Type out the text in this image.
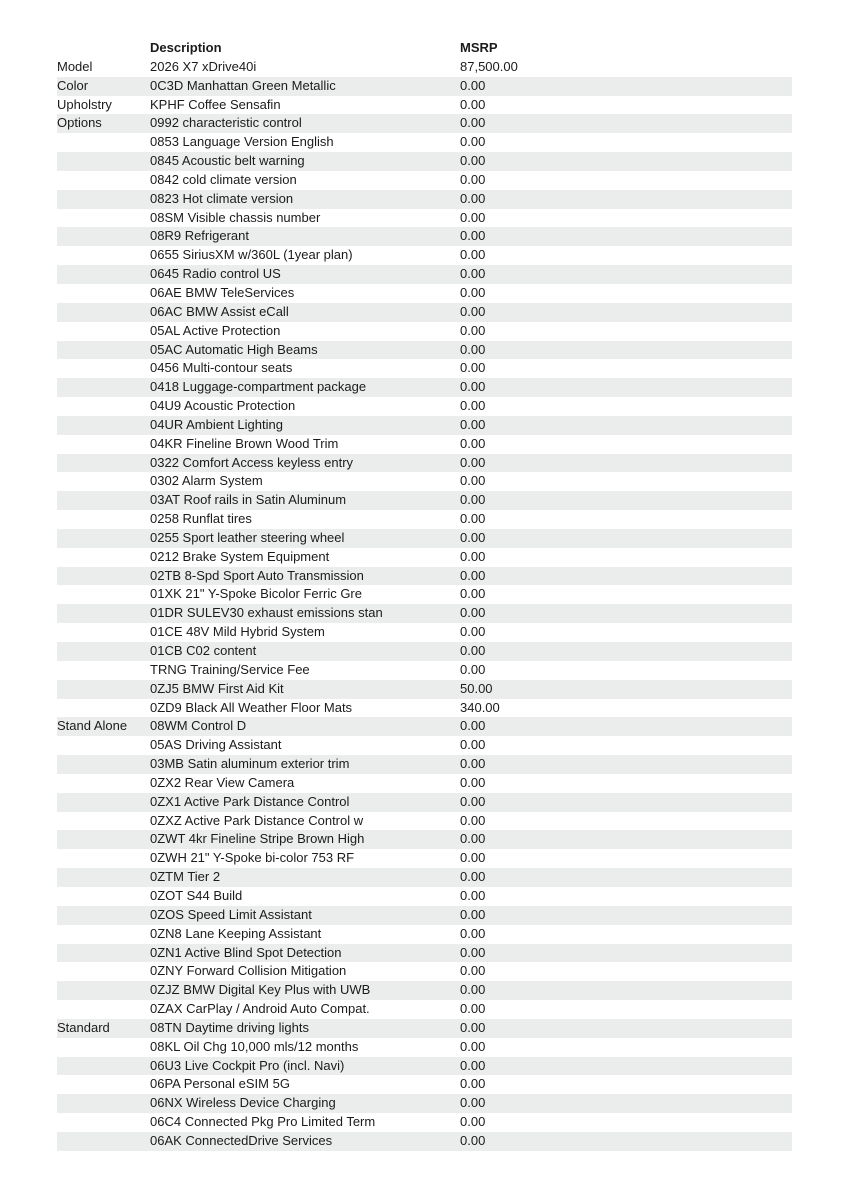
	Description	MSRP	
Model	2026 X7 xDrive40i	87,500.00	
Color	0C3D Manhattan Green Metallic	0.00	
Upholstry	KPHF Coffee Sensafin	0.00	
Options	0992 characteristic control	0.00	
	0853 Language Version English	0.00	
	0845 Acoustic belt warning	0.00	
	0842 cold climate version	0.00	
	0823 Hot climate version	0.00	
	08SM Visible chassis number	0.00	
	08R9 Refrigerant	0.00	
	0655 SiriusXM w/360L (1year plan)	0.00	
	0645 Radio control US	0.00	
	06AE BMW TeleServices	0.00	
	06AC BMW Assist eCall	0.00	
	05AL Active Protection	0.00	
	05AC Automatic High Beams	0.00	
	0456 Multi-contour seats	0.00	
	0418 Luggage-compartment package	0.00	
	04U9 Acoustic Protection	0.00	
	04UR Ambient Lighting	0.00	
	04KR Fineline Brown Wood Trim	0.00	
	0322 Comfort Access keyless entry	0.00	
	0302 Alarm System	0.00	
	03AT Roof rails in Satin Aluminum	0.00	
	0258 Runflat tires	0.00	
	0255 Sport leather steering wheel	0.00	
	0212 Brake System Equipment	0.00	
	02TB 8-Spd Sport Auto Transmission	0.00	
	01XK 21" Y-Spoke Bicolor Ferric Gre	0.00	
	01DR SULEV30 exhaust emissions stan	0.00	
	01CE 48V Mild Hybrid System	0.00	
	01CB C02 content	0.00	
	TRNG Training/Service Fee	0.00	
	0ZJ5 BMW First Aid Kit	50.00	
	0ZD9 Black All Weather Floor Mats	340.00	
Stand Alone	08WM Control D	0.00	
	05AS Driving Assistant	0.00	
	03MB Satin aluminum exterior trim	0.00	
	0ZX2 Rear View Camera	0.00	
	0ZX1 Active Park Distance Control	0.00	
	0ZXZ Active Park Distance Control w	0.00	
	0ZWT 4kr Fineline Stripe Brown High	0.00	
	0ZWH 21" Y-Spoke bi-color 753 RF	0.00	
	0ZTM Tier 2	0.00	
	0ZOT S44 Build	0.00	
	0ZOS Speed Limit Assistant	0.00	
	0ZN8 Lane Keeping Assistant	0.00	
	0ZN1 Active Blind Spot Detection	0.00	
	0ZNY Forward Collision Mitigation	0.00	
	0ZJZ BMW Digital Key Plus with UWB	0.00	
	0ZAX CarPlay / Android Auto Compat.	0.00	
Standard	08TN Daytime driving lights	0.00	
	08KL Oil Chg 10,000 mls/12 months	0.00	
	06U3 Live Cockpit Pro (incl. Navi)	0.00	
	06PA Personal eSIM 5G	0.00	
	06NX Wireless Device Charging	0.00	
	06C4 Connected Pkg Pro Limited Term	0.00	
	06AK ConnectedDrive Services	0.00	
